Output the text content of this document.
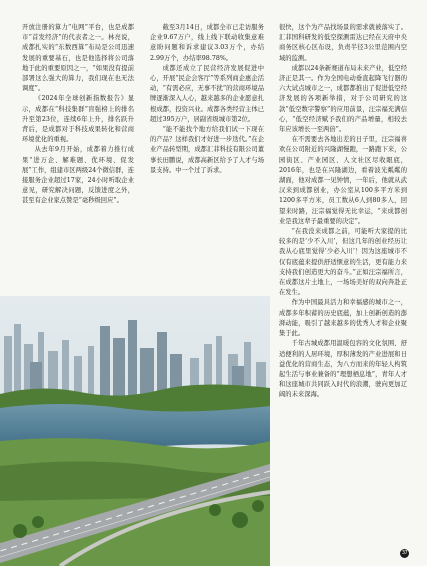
开放注册的算力“电网”平台，也是成都市“首发经济”的代表者之一。林亮说，成都扎实的“东数西算”布局是公司迅速发展的重要基石，也是他选择将公司落地于此的重要原因之一，“如果没有提前部署这么强大的算力，我们现在也无法调度”。

《2024年全球创新指数报告》显示，成都在“科技集群”盲强榜上的排名升至第23位，连续6年上升，排名跃升背后，是成都对于科技成果转化和营商环境优化的重视。

从去年9月开始，成都着力推行成果“进万企、解难题、优环境、促发展”工作，组建市区两级24个微信群，连接服务企业超过17家，24小时听取企业意见，研究解决问题，反馈进度之外，甚至有企业家点赞是“毫秒级回应”。

截至3月14日，成都全市已走访服务企业9.67万户，线上线下联动收集意难意盼问题和诉求建议3.03万个，办结2.99万个，办结率98.78%。

成都还成立了民营经济发展促进中心，开展“民企会客厅”等系列商企惠企活动，“有需必应，无事不扰”的营商环境品牌逐渐深入人心，越来越多的企业愿意扎根成都，投资兴业。成都各类经营主体已超过395万户，居副省级城市第2位。

“能不能找个地方给我们试一下现在的产品？这样我们才好进一步迭代。”在企业产品转型期，成都汇菲科技有限公司董事长田鹏说，成都高新区给予了人才与场景支持。中一个过了诉求。

很快，这个为产品找场景的需求就被落实了。汇菲国科研发的低空探测雷达已经在天府中央商务区核心区布设，负责半径3公里范围内空域的监测。

成都以24条新赛道布局未来产业，低空经济正是其一。作为全国电动垂直起降飞行器的六大试点城市之一，成都都推出了促进低空经济发展的各项新举措，对于公司研究的这款“低空数字警察”的应用前景，汪宗福充满信心，“低空经济赋予我们的产品增量，相较去年应该增长一至两倍”。

在不需要去各地出差的日子里，汪宗福喜欢在公司附近的兴隆湖慢跑，一路跑下来，公园街区、产业园区、人文社区尽收眼底，2016年，也是在兴隆湖边，看着波光粼粼的湖面，他对成都一见钟情，一年后，他就从武汉来到成都创业，办公室从100多平方米到1200多平方米，员工数从6人到80多人，回望来时路，汪宗福觉得无比幸运，“来成都创业是我这辈子最重要的决定”。

“在我没来成都之前，可能听大家提的比较多的是‘少不入川’，但这几年的创业经历让我从心底里觉得‘少必入川’！因为这座城市不仅有底蕴来提供舒适惬意的生活，更有能力来支持我们创造更大的奋斗。”正如汪宗福所言，在成都这片土地上，一场场美好的双向奔赴正在发生。

作为中国最具活力和幸福感的城市之一，成都多年积蓄的历史底蕴，加上创新创造的澎湃动能，吸引了越来越多的优秀人才和企业聚集于此。

千年古城成都用温暖包容的文化氛围、舒适便利的人居环境，厚积薄发的产业进展和日益优化的营商生态，为八方而来的年轻人构筑起生活与事业兼备的“理想栖息地”，青年人才和这座城市共同跃入时代的浪潮，驶向更加辽阔的未来深海。

37
